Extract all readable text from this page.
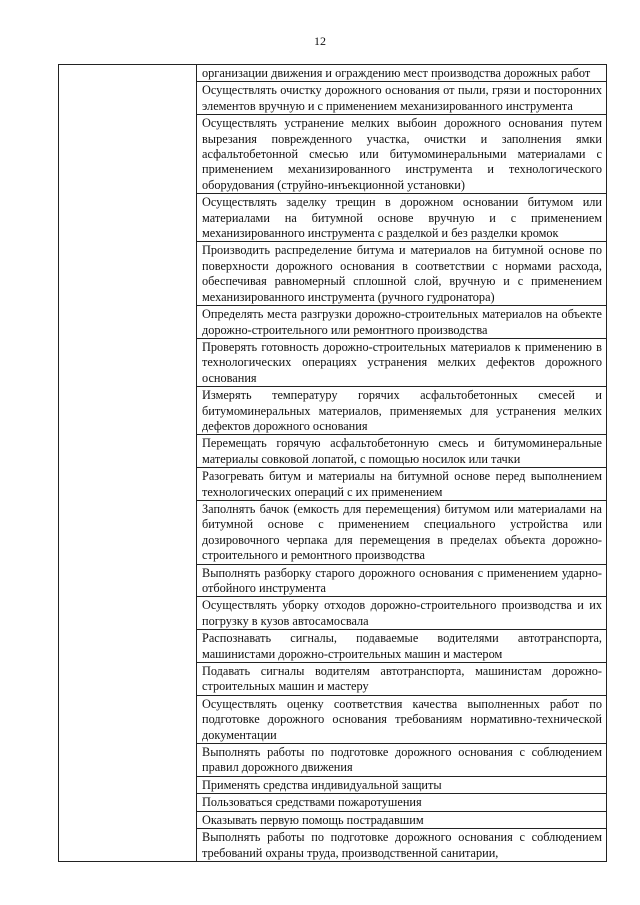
12

организации движения и ограждению мест производства дорожных работ
Осуществлять очистку дорожного основания от пыли, грязи и посторонних элементов вручную и с применением механизированного инструмента
Осуществлять устранение мелких выбоин дорожного основания путем вырезания поврежденного участка, очистки и заполнения ямки асфальтобетонной смесью или битумоминеральными материалами с применением механизированного инструмента и технологического оборудования (струйно-инъекционной установки)
Осуществлять заделку трещин в дорожном основании битумом или материалами на битумной основе вручную и с применением механизированного инструмента с разделкой и без разделки кромок
Производить распределение битума и материалов на битумной основе по поверхности дорожного основания в соответствии с нормами расхода, обеспечивая равномерный сплошной слой, вручную и с применением механизированного инструмента (ручного гудронатора)
Определять места разгрузки дорожно-строительных материалов на объекте дорожно-строительного или ремонтного производства
Проверять готовность дорожно-строительных материалов к применению в технологических операциях устранения мелких дефектов дорожного основания
Измерять температуру горячих асфальтобетонных смесей и битумоминеральных материалов, применяемых для устранения мелких дефектов дорожного основания
Перемещать горячую асфальтобетонную смесь и битумоминеральные материалы совковой лопатой, с помощью носилок или тачки
Разогревать битум и материалы на битумной основе перед выполнением технологических операций с их применением
Заполнять бачок (емкость для перемещения) битумом или материалами на битумной основе с применением специального устройства или дозировочного черпака для перемещения в пределах объекта дорожно-строительного и ремонтного производства
Выполнять разборку старого дорожного основания с применением ударно-отбойного инструмента
Осуществлять уборку отходов дорожно-строительного производства и их погрузку в кузов автосамосвала
Распознавать сигналы, подаваемые водителями автотранспорта, машинистами дорожно-строительных машин и мастером
Подавать сигналы водителям автотранспорта, машинистам дорожно-строительных машин и мастеру
Осуществлять оценку соответствия качества выполненных работ по подготовке дорожного основания требованиям нормативно-технической документации
Выполнять работы по подготовке дорожного основания с соблюдением правил дорожного движения
Применять средства индивидуальной защиты
Пользоваться средствами пожаротушения
Оказывать первую помощь пострадавшим
Выполнять работы по подготовке дорожного основания с соблюдением требований охраны труда, производственной санитарии,
